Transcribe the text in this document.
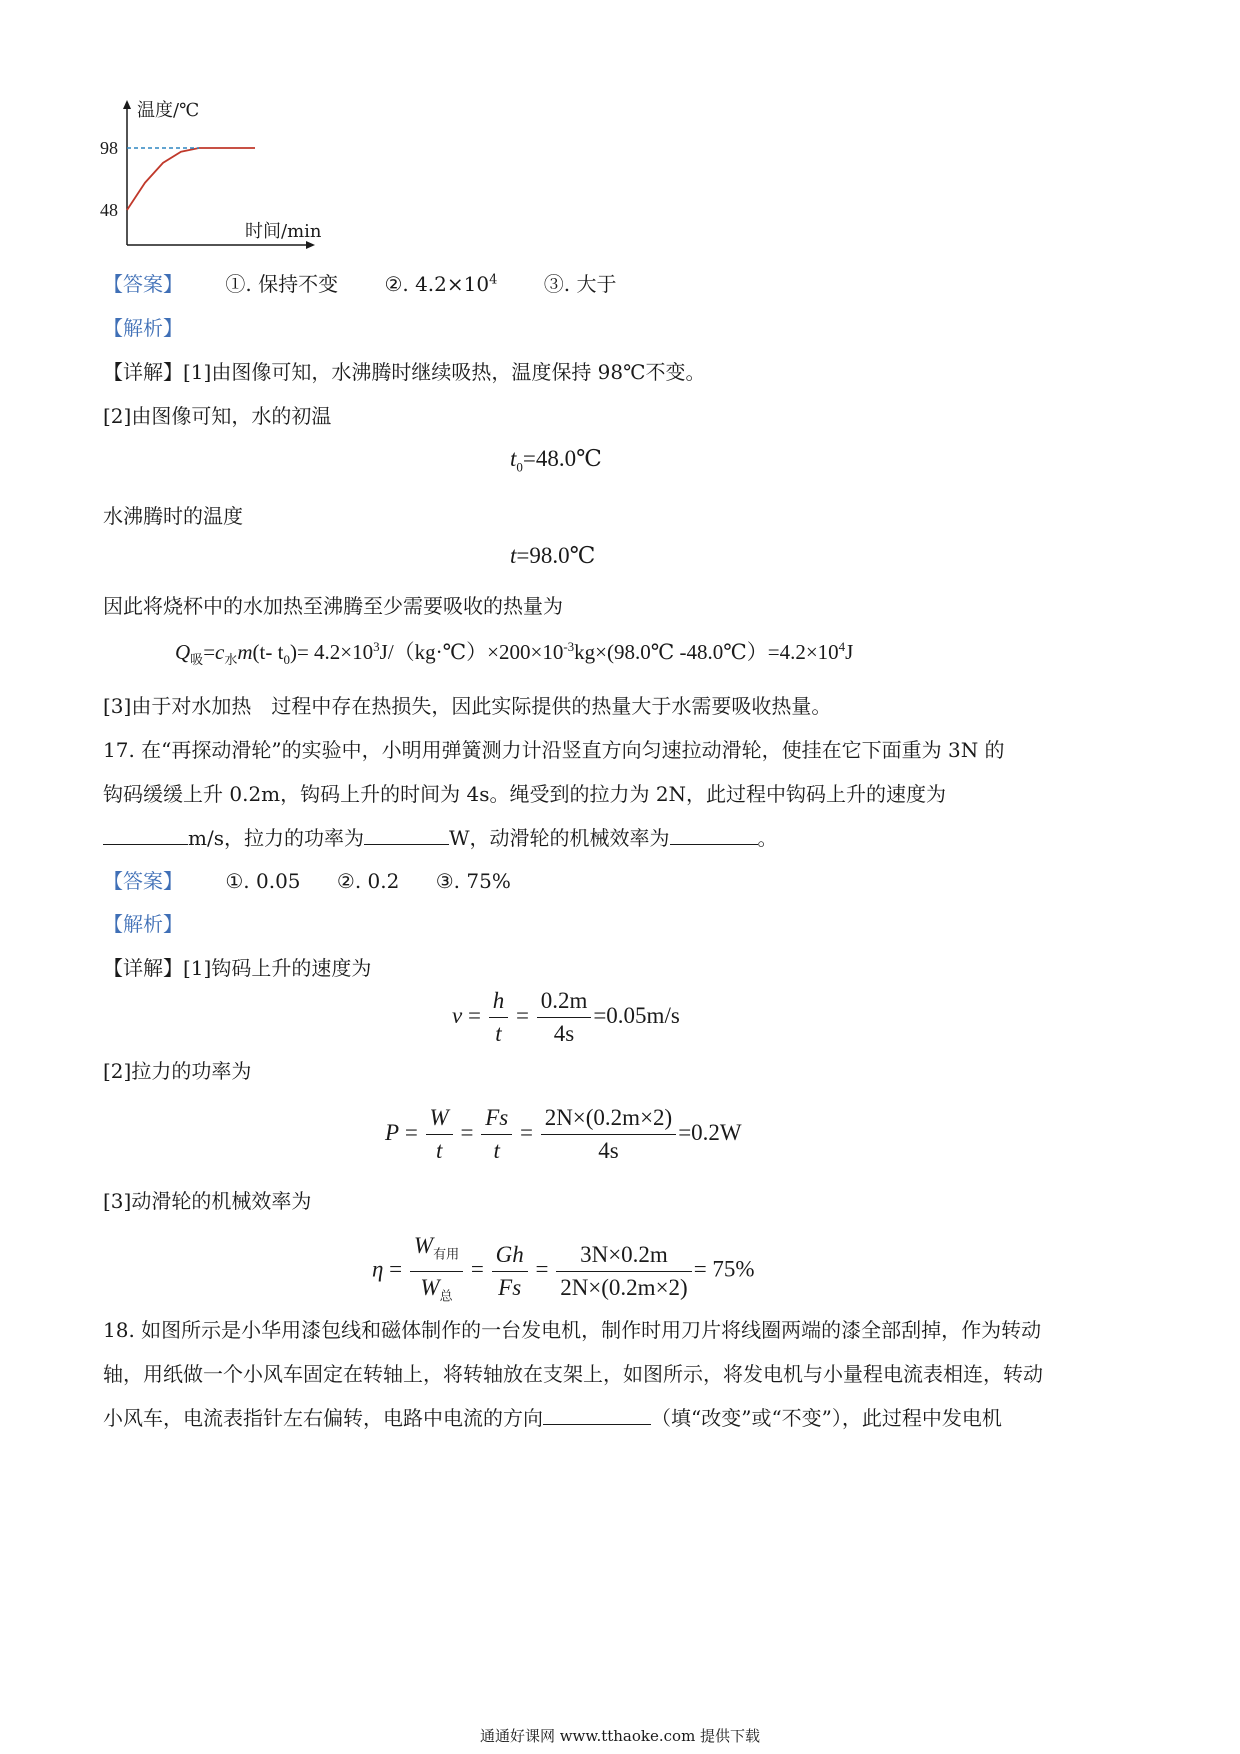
温度/℃
98
48
时间/min
【答案】 ①. 保持不变 ②. $4.2\times 10^4$ ③. 大于
【解析】
【详解】[1]由图像可知，水沸腾时继续吸热，温度保持 98℃不变。
[2]由图像可知，水的初温
$t_0=48.0℃$
水沸腾时的温度
t=98.0℃
因此将烧杯中的水加热至沸腾至少需要吸收的热量为
$Q_吸=c_水m(t-$ $t_0)=$ $4.2\times 10^3J/(kg\cdot℃)\times 200\times 10^{-3}kg\times(98.0℃$ $-48.0℃)=4.2\times 10^4J$
[3]由于对水加热 过程中存在热损失，因此实际提供的热量大于水需要吸收热量。
17. 在“再探动滑轮”的实验中，小明用弹簧测力计沿竖直方向匀速拉动滑轮，使挂在它下面重为 3N 的
钩码缓缓上升 0.2m，钩码上升的时间为 4s。绳受到的拉力为 2N，此过程中钩码上升的速度为
m/s，拉力的功率为	W，动滑轮的机械效率为	。
【答案】 ①. 0.05 ②. 0.2 ③. 75%
【解析】
【详解】[1]钩码上升的速度为
$v = \frac{h}{t} = \frac{0.2m}{4s} =0.05m/s$
[2]拉力的功率为
$P = \frac{W}{t} = \frac{Fs}{t} = \frac{2N\times(0.2m\times 2)}{4s} =0.2W$
[3]动滑轮的机械效率为
$\eta = \frac{W_{有用}}{W_总} = \frac{Gh}{Fs} = \frac{3N\times 0.2m}{2N\times(0.2m\times 2)} = 75\%$
18. 如图所示是小华用漆包线和磁体制作的一台发电机，制作时用刀片将线圈两端的漆全部刮掉，作为转动
轴，用纸做一个小风车固定在转轴上，将转轴放在支架上，如图所示，将发电机与小量程电流表相连，转动
小风车，电流表指针左右偏转，电路中电流的方向	（填“改变”或“不变”），此过程中发电机
通通好课网 www.tthaoke.com 提供下载
